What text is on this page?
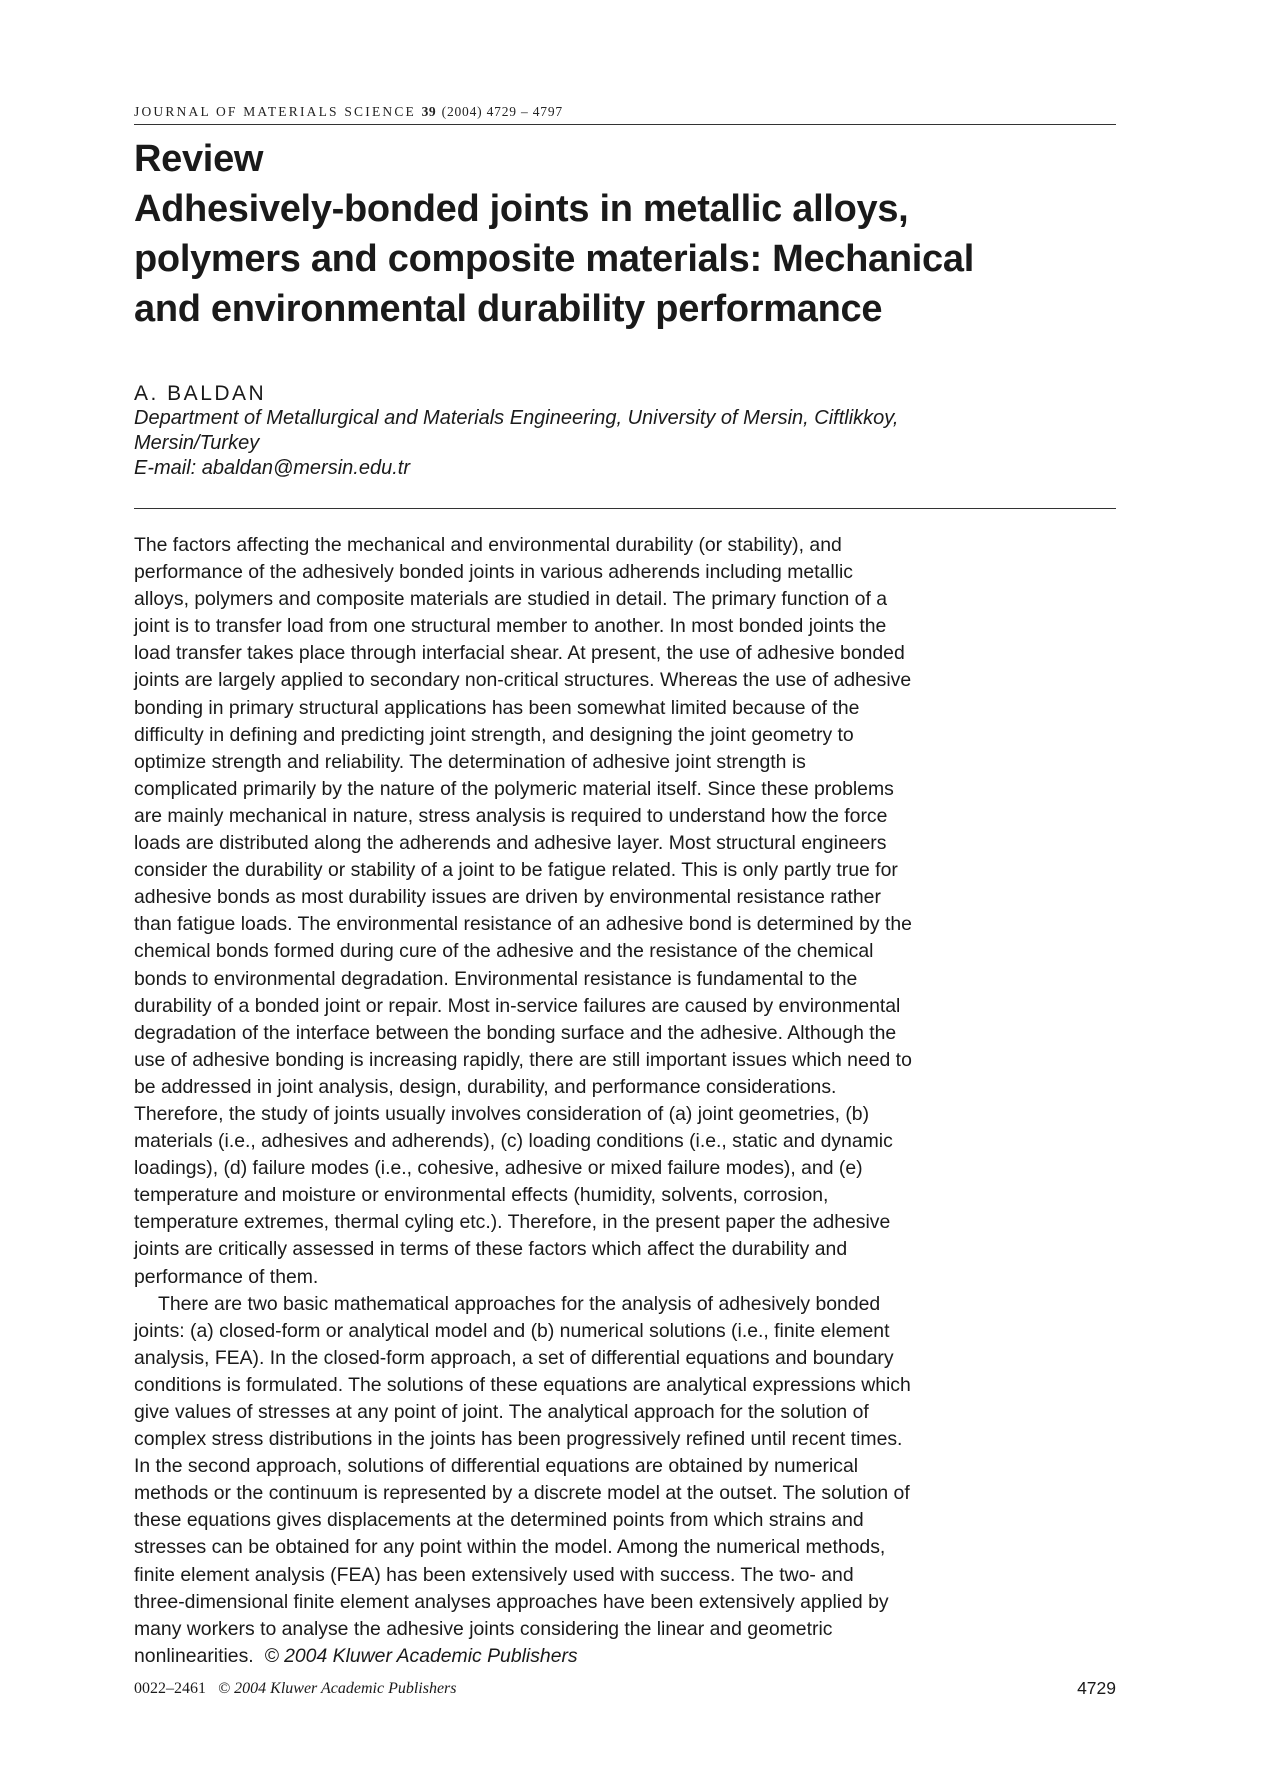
JOURNAL OF MATERIALS SCIENCE 39 (2004) 4729 – 4797
Review
Adhesively-bonded joints in metallic alloys,
polymers and composite materials: Mechanical
and environmental durability performance
A. BALDAN
Department of Metallurgical and Materials Engineering, University of Mersin, Ciftlikkoy,
Mersin/Turkey
E-mail: abaldan@mersin.edu.tr
The factors affecting the mechanical and environmental durability (or stability), and
performance of the adhesively bonded joints in various adherends including metallic
alloys, polymers and composite materials are studied in detail. The primary function of a
joint is to transfer load from one structural member to another. In most bonded joints the
load transfer takes place through interfacial shear. At present, the use of adhesive bonded
joints are largely applied to secondary non-critical structures. Whereas the use of adhesive
bonding in primary structural applications has been somewhat limited because of the
difficulty in defining and predicting joint strength, and designing the joint geometry to
optimize strength and reliability. The determination of adhesive joint strength is
complicated primarily by the nature of the polymeric material itself. Since these problems
are mainly mechanical in nature, stress analysis is required to understand how the force
loads are distributed along the adherends and adhesive layer. Most structural engineers
consider the durability or stability of a joint to be fatigue related. This is only partly true for
adhesive bonds as most durability issues are driven by environmental resistance rather
than fatigue loads. The environmental resistance of an adhesive bond is determined by the
chemical bonds formed during cure of the adhesive and the resistance of the chemical
bonds to environmental degradation. Environmental resistance is fundamental to the
durability of a bonded joint or repair. Most in-service failures are caused by environmental
degradation of the interface between the bonding surface and the adhesive. Although the
use of adhesive bonding is increasing rapidly, there are still important issues which need to
be addressed in joint analysis, design, durability, and performance considerations.
Therefore, the study of joints usually involves consideration of (a) joint geometries, (b)
materials (i.e., adhesives and adherends), (c) loading conditions (i.e., static and dynamic
loadings), (d) failure modes (i.e., cohesive, adhesive or mixed failure modes), and (e)
temperature and moisture or environmental effects (humidity, solvents, corrosion,
temperature extremes, thermal cyling etc.). Therefore, in the present paper the adhesive
joints are critically assessed in terms of these factors which affect the durability and
performance of them.
There are two basic mathematical approaches for the analysis of adhesively bonded
joints: (a) closed-form or analytical model and (b) numerical solutions (i.e., finite element
analysis, FEA). In the closed-form approach, a set of differential equations and boundary
conditions is formulated. The solutions of these equations are analytical expressions which
give values of stresses at any point of joint. The analytical approach for the solution of
complex stress distributions in the joints has been progressively refined until recent times.
In the second approach, solutions of differential equations are obtained by numerical
methods or the continuum is represented by a discrete model at the outset. The solution of
these equations gives displacements at the determined points from which strains and
stresses can be obtained for any point within the model. Among the numerical methods,
finite element analysis (FEA) has been extensively used with success. The two- and
three-dimensional finite element analyses approaches have been extensively applied by
many workers to analyse the adhesive joints considering the linear and geometric
nonlinearities. © 2004 Kluwer Academic Publishers
0022–2461 © 2004 Kluwer Academic Publishers	4729
